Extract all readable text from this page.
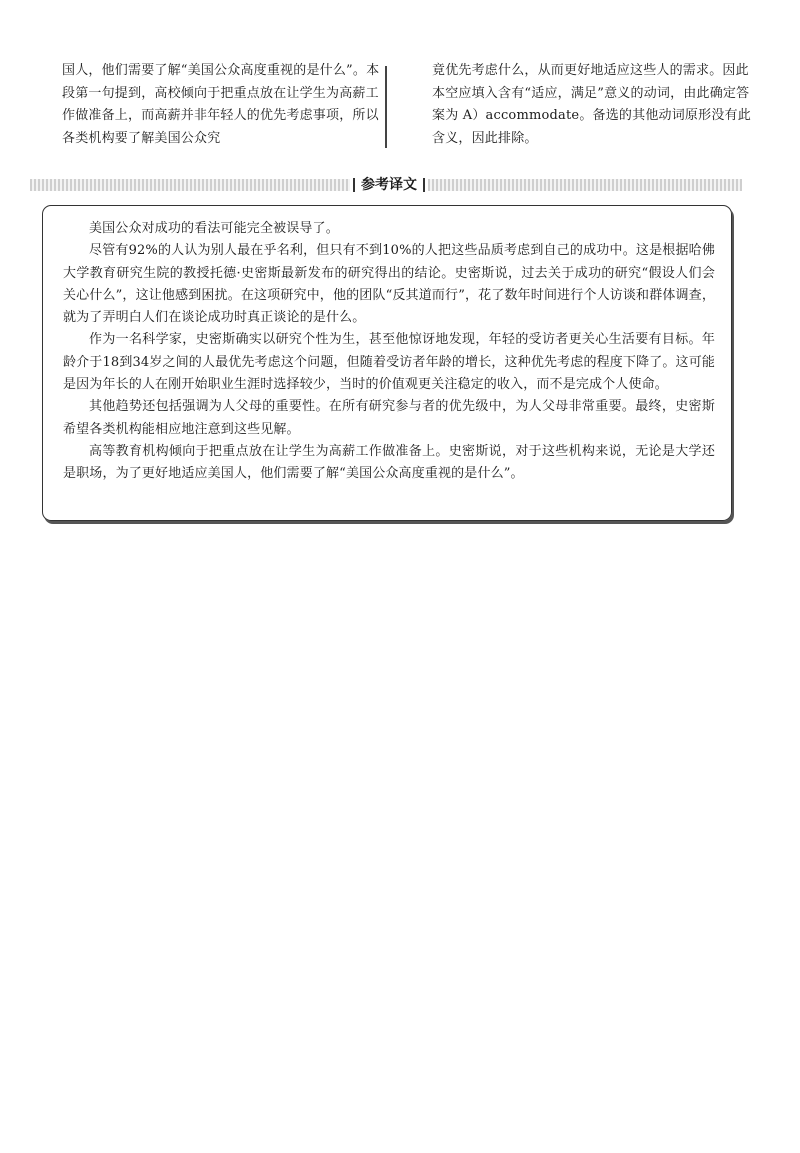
国人，他们需要了解“美国公众高度重视的是什么”。本段第一句提到，高校倾向于把重点放在让学生为高薪工作做准备上，而高薪并非年轻人的优先考虑事项，所以各类机构要了解美国公众究

竟优先考虑什么，从而更好地适应这些人的需求。因此本空应填入含有“适应，满足”意义的动词，由此确定答案为 A）accommodate。备选的其他动词原形没有此含义，因此排除。

参考译文

美国公众对成功的看法可能完全被误导了。

尽管有92%的人认为别人最在乎名利，但只有不到10%的人把这些品质考虑到自己的成功中。这是根据哈佛大学教育研究生院的教授托德·史密斯最新发布的研究得出的结论。史密斯说，过去关于成功的研究“假设人们会关心什么”，这让他感到困扰。在这项研究中，他的团队“反其道而行”，花了数年时间进行个人访谈和群体调查，就为了弄明白人们在谈论成功时真正谈论的是什么。

作为一名科学家，史密斯确实以研究个性为生，甚至他惊讶地发现，年轻的受访者更关心生活要有目标。年龄介于18到34岁之间的人最优先考虑这个问题，但随着受访者年龄的增长，这种优先考虑的程度下降了。这可能是因为年长的人在刚开始职业生涯时选择较少，当时的价值观更关注稳定的收入，而不是完成个人使命。

其他趋势还包括强调为人父母的重要性。在所有研究参与者的优先级中，为人父母非常重要。最终，史密斯希望各类机构能相应地注意到这些见解。

高等教育机构倾向于把重点放在让学生为高薪工作做准备上。史密斯说，对于这些机构来说，无论是大学还是职场，为了更好地适应美国人，他们需要了解“美国公众高度重视的是什么”。
